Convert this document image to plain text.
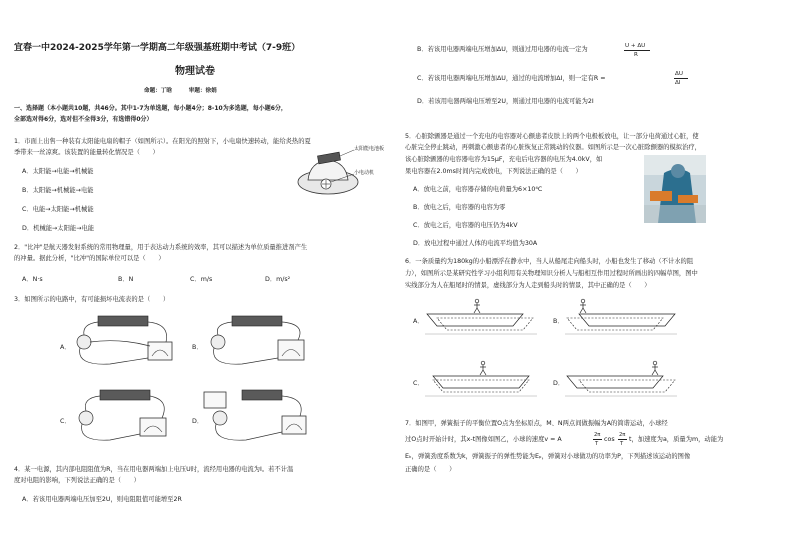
宜春一中2024-2025学年第一学期高二年级强基班期中考试（7-9班）
物理试卷
命题：丁晗　　　审题：徐娟
一、选择题（本小题共10题，共46分。其中1-7为单选题，每小题4分；8-10为多选题，每小题6分，
全部选对得6分，选对但不全得3分，有选错得0分）
1．市面上出售一种装有太阳能电扇的帽子（如图所示）。在阳光的照射下，小电扇快速转动，能给炎热的夏
季带来一丝凉爽。该装置的能量转化情况是（　　）
A．太阳能→电能→机械能
B．太阳能→机械能→电能
C．电能→太阳能→机械能
D．机械能→太阳能→电能
太阳能电池板
小电动机
2．"比冲"是航天器发射系统的常用物理量，用于表达动力系统的效率，其可以描述为单位质量推进剂产生
的冲量。据此分析，"比冲"的国际单位可以是（　　）
A．N·s	B．N	C．m/s	D．m/s²
3．如图所示的电路中，有可能损坏电流表的是（　　）
A．	B．
C．	D．
4．某一电源，其内部电阻阻值为R，当在用电器两端加上电压U时，流经用电器的电流为I。若不计温
度对电阻的影响，下列说法正确的是（　　）
A．若该用电器两端电压加至2U，则电阻阻值可能增至2R
B．若该用电器两端电压增加ΔU，则通过用电器的电流一定为	U + ΔU
R
C．若该用电器两端电压增加ΔU，通过的电流增加ΔI，则一定有R =
ΔU
ΔI
D．若该用电器两端电压增至2U，则通过用电器的电流可能为2I
5．心脏除颤器是通过一个充电的电容器对心颤患者皮肤上的两个电极板放电，让一部分电荷通过心脏，使
心脏完全停止跳动，再刺激心颤患者的心脏恢复正常跳动的仪器。如图所示是一次心脏除颤器的模拟治疗，
该心脏除颤器的电容器电容为15μF，充电后电容器的电压为4.0kV，如
果电容器在2.0ms时间内完成放电，下列说法正确的是（　　）
A．放电之前，电容器存储的电荷量为6×10⁴C
B．放电之后，电容器的电容为零
C．放电之后，电容器的电压仍为4kV
D．放电过程中通过人体的电流平均值为30A
6．一条质量约为180kg的小船漂浮在静水中，当人从船尾走向船头时，小船也发生了移动（不计水的阻
力），如图所示是某研究性学习小组利用有关物理知识分析人与船相互作用过程时所画出的四幅草图，图中
实线部分为人在船尾时的情景，虚线部分为人走到船头时的情景，其中正确的是（　　）
A．	B．
C．	D．
7．如图甲，弹簧振子的平衡位置O点为坐标原点，M、N两点间做振幅为A的简谐运动，小球经
过O点时开始计时，其x-t图像如图乙，小球的速度v = A
2π
T
cos
2π
T
t，加速度为a，质量为m，动能为
Eₖ，弹簧劲度系数为k，弹簧振子的弹性势能为Eₚ，弹簧对小球做功的功率为P，下列描述该运动的图像
正确的是（　　）
